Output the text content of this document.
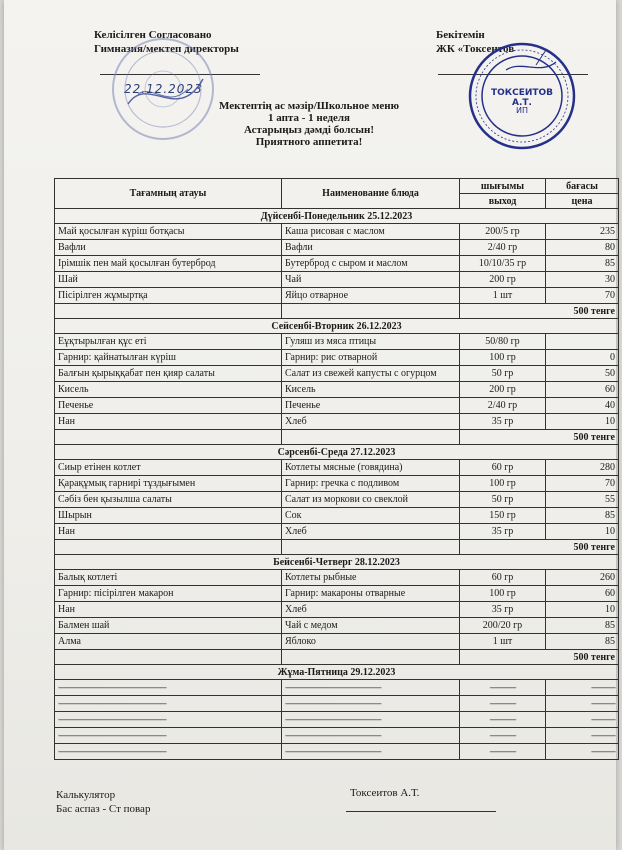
Келісілген Согласовано
Гимназия/мектеп директоры
22.12.2023
Бекітемін
ЖК «Токсентов
ТОКСЕИТОВ А.Т.
ИП
Мектептің ас мәзір/Школьное меню
1 апта - 1 неделя
Астарыңыз дәмді болсын!
Приятного аппетита!
Тағамның атауы	Наименование блюда	шығымы	бағасы
		выход	цена
Дүйсенбі-Понедельник 25.12.2023			
Май қосылған күріш ботқасы	Каша рисовая с маслом	200/5 гр	235
Вафли	Вафли	2/40 гр	80
Ірімшік пен май қосылған бутерброд	Бутерброд с сыром и маслом	10/10/35 гр	85
Шай	Чай	200 гр	30
Пісірілген жұмыртқа	Яйцо отварное	1 шт	70
		500 тенге	
Сейсенбі-Вторник 26.12.2023			
Еұқтырылған құс еті	Гуляш из мяса птицы	50/80 гр	
Гарнир: қайнатылған күріш	Гарнир: рис отварной	100 гр	0
Балғын қырыққабат пен қияр салаты	Салат из свежей капусты с огурцом	50 гр	50
Кисель	Кисель	200 гр	60
Печенье	Печенье	2/40 гр	40
Нан	Хлеб	35 гр	10
		500 тенге	
Сәрсенбі-Среда 27.12.2023			
Сиыр етінен котлет	Котлеты мясные (говядина)	60 гр	280
Қарақұмық гарнирі тұздығымен	Гарнир: гречка с подливом	100 гр	70
Сәбіз бен қызылша салаты	Салат из моркови со свеклой	50 гр	55
Шырын	Сок	150 гр	85
Нан	Хлеб	35 гр	10
		500 тенге	
Бейсенбі-Четверг 28.12.2023			
Балық котлеті	Котлеты рыбные	60 гр	260
Гарнир: пісірілген макарон	Гарнир: макароны отварные	100 гр	60
Нан	Хлеб	35 гр	10
Балмен шай	Чай с медом	200/20 гр	85
Алма	Яблоко	1 шт	85
		500 тенге	
Жұма-Пятница 29.12.2023			
------------------------------------------------------	------------------------------------------------	-------------	------------
------------------------------------------------------	------------------------------------------------	-------------	------------
------------------------------------------------------	------------------------------------------------	-------------	------------
------------------------------------------------------	------------------------------------------------	-------------	------------
------------------------------------------------------	------------------------------------------------	-------------	------------
Калькулятор
Бас аспаз - Ст повар
Токсеитов А.Т.
